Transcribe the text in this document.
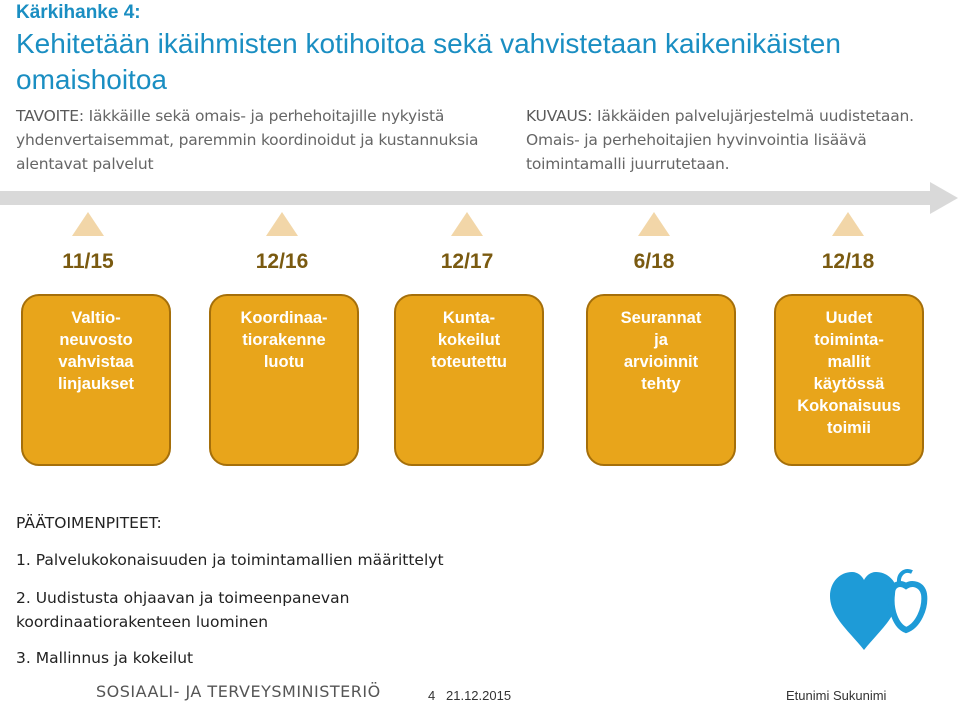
Kärkihanke 4:
Kehitetään ikäihmisten kotihoitoa sekä vahvistetaan kaikenikäisten omaishoitoa
TAVOITE: Iäkkäille sekä omais- ja perhehoitajille nykyistä yhdenvertaisemmat, paremmin koordinoidut ja kustannuksia alentavat palvelut
KUVAUS: Iäkkäiden palvelujärjestelmä uudistetaan. Omais- ja perhehoitajien hyvinvointia lisäävä toimintamalli juurrutetaan.
11/15	12/16	12/17	6/18	12/18
Valtio-
neuvosto
vahvistaa
linjaukset
Koordinaa-
tiorakenne
luotu
Kunta-
kokeilut
toteutettu
Seurannat
ja
arvioinnit
tehty
Uudet
toiminta-
mallit
käytössä
Kokonaisuus
toimii
PÄÄTOIMENPITEET:
1. Palvelukokonaisuuden ja toimintamallien määrittelyt
2. Uudistusta ohjaavan ja toimeenpanevan koordinaatiorakenteen luominen
3. Mallinnus ja kokeilut
SOSIAALI- JA TERVEYSMINISTERIÖ	4 21.12.2015	Etunimi Sukunimi
